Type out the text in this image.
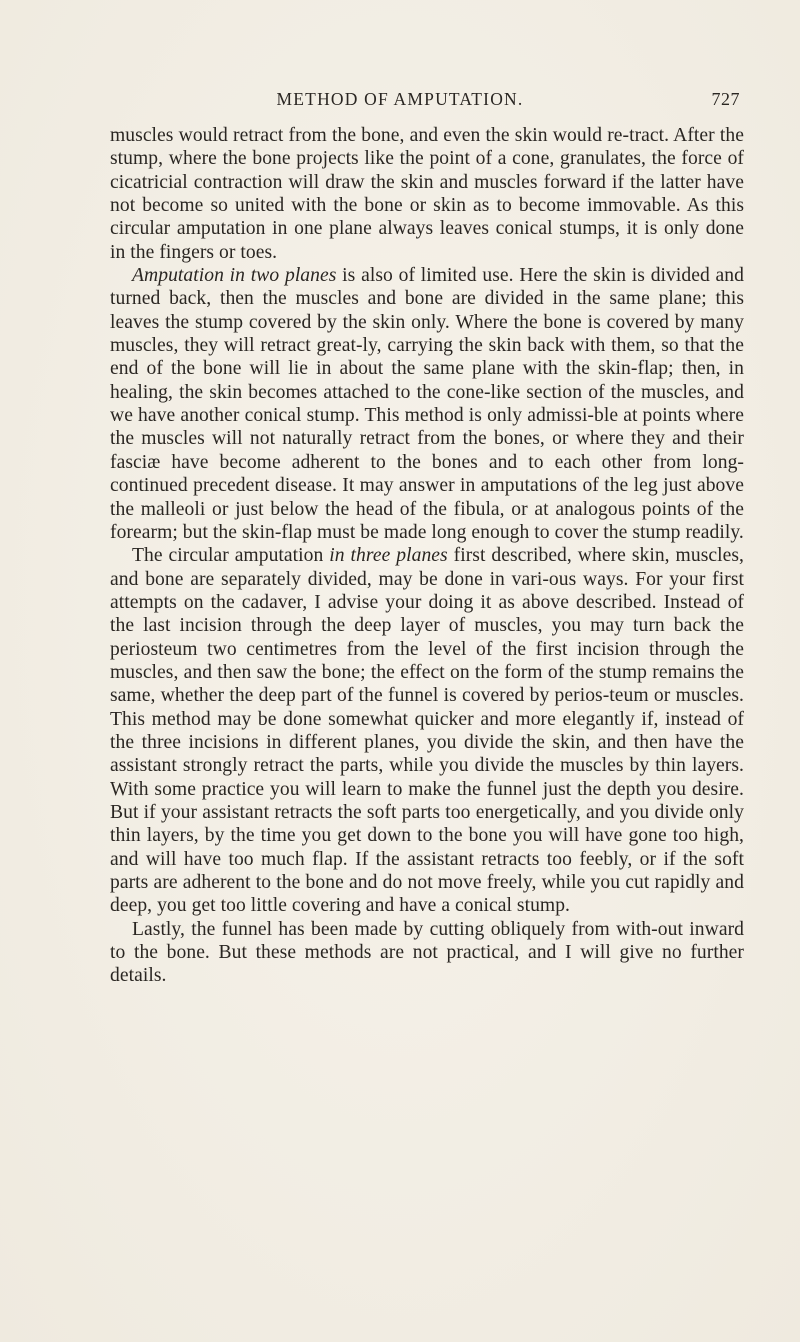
METHOD OF AMPUTATION.	727

muscles would retract from the bone, and even the skin would re-tract. After the stump, where the bone projects like the point of a cone, granulates, the force of cicatricial contraction will draw the skin and muscles forward if the latter have not become so united with the bone or skin as to become immovable. As this circular amputation in one plane always leaves conical stumps, it is only done in the fingers or toes.

Amputation in two planes is also of limited use. Here the skin is divided and turned back, then the muscles and bone are divided in the same plane; this leaves the stump covered by the skin only. Where the bone is covered by many muscles, they will retract great-ly, carrying the skin back with them, so that the end of the bone will lie in about the same plane with the skin-flap; then, in healing, the skin becomes attached to the cone-like section of the muscles, and we have another conical stump. This method is only admissi-ble at points where the muscles will not naturally retract from the bones, or where they and their fasciæ have become adherent to the bones and to each other from long-continued precedent disease. It may answer in amputations of the leg just above the malleoli or just below the head of the fibula, or at analogous points of the forearm; but the skin-flap must be made long enough to cover the stump readily.

The circular amputation in three planes first described, where skin, muscles, and bone are separately divided, may be done in vari-ous ways. For your first attempts on the cadaver, I advise your doing it as above described. Instead of the last incision through the deep layer of muscles, you may turn back the periosteum two centimetres from the level of the first incision through the muscles, and then saw the bone; the effect on the form of the stump remains the same, whether the deep part of the funnel is covered by perios-teum or muscles. This method may be done somewhat quicker and more elegantly if, instead of the three incisions in different planes, you divide the skin, and then have the assistant strongly retract the parts, while you divide the muscles by thin layers. With some practice you will learn to make the funnel just the depth you desire. But if your assistant retracts the soft parts too energetically, and you divide only thin layers, by the time you get down to the bone you will have gone too high, and will have too much flap. If the assistant retracts too feebly, or if the soft parts are adherent to the bone and do not move freely, while you cut rapidly and deep, you get too little covering and have a conical stump.

Lastly, the funnel has been made by cutting obliquely from with-out inward to the bone. But these methods are not practical, and I will give no further details.
